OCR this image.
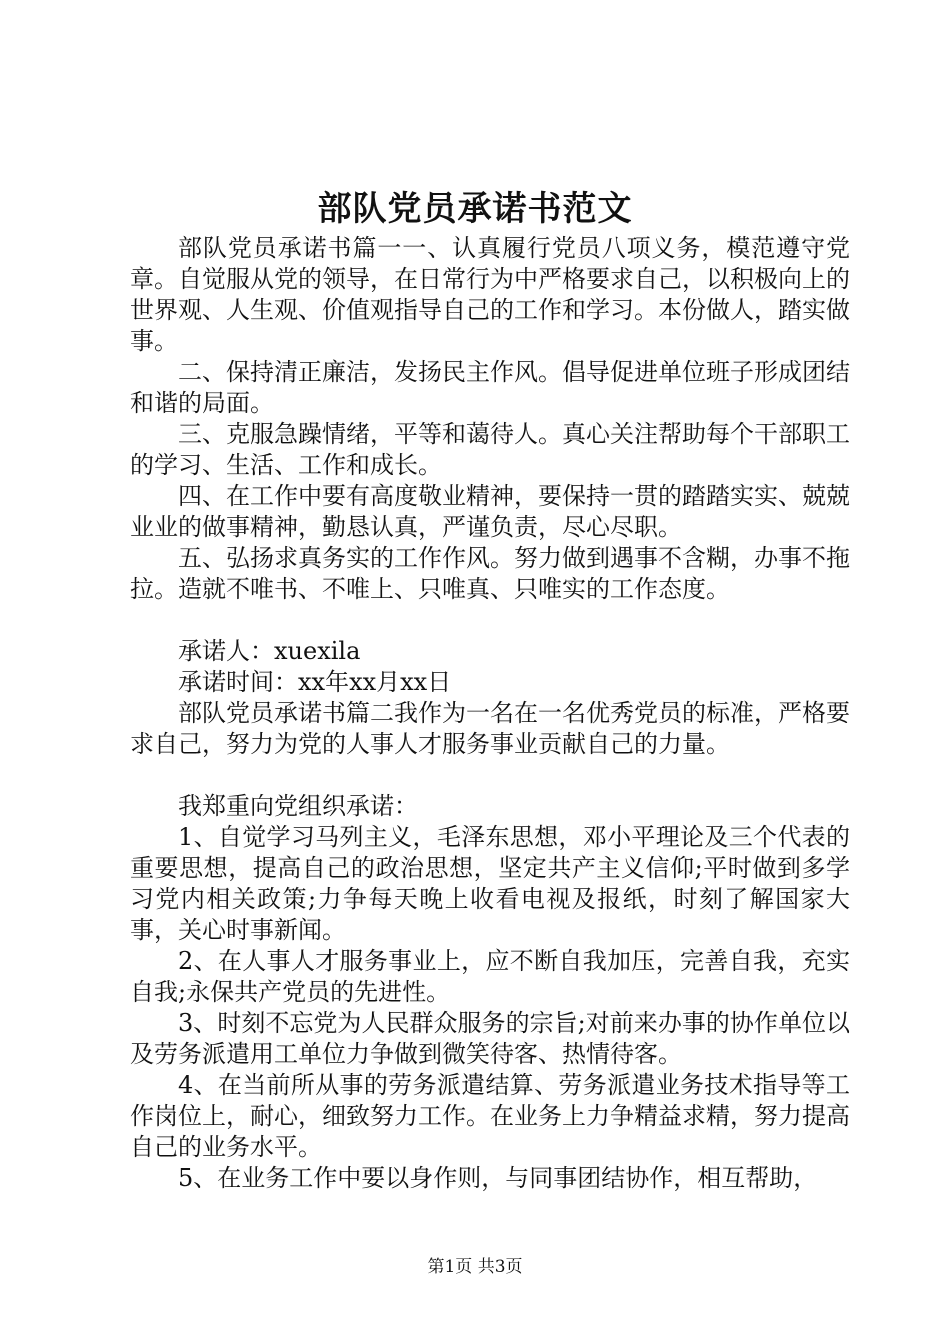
部队党员承诺书范文

部队党员承诺书篇一一、认真履行党员八项义务，模范遵守党章。自觉服从党的领导，在日常行为中严格要求自己，以积极向上的世界观、人生观、价值观指导自己的工作和学习。本份做人，踏实做事。

二、保持清正廉洁，发扬民主作风。倡导促进单位班子形成团结和谐的局面。

三、克服急躁情绪，平等和蔼待人。真心关注帮助每个干部职工的学习、生活、工作和成长。

四、在工作中要有高度敬业精神，要保持一贯的踏踏实实、兢兢业业的做事精神，勤恳认真，严谨负责，尽心尽职。

五、弘扬求真务实的工作作风。努力做到遇事不含糊，办事不拖拉。造就不唯书、不唯上、只唯真、只唯实的工作态度。

承诺人：xuexila

承诺时间：xx年xx月xx日

部队党员承诺书篇二我作为一名在一名优秀党员的标准，严格要求自己，努力为党的人事人才服务事业贡献自己的力量。

我郑重向党组织承诺：

1、自觉学习马列主义，毛泽东思想，邓小平理论及三个代表的重要思想，提高自己的政治思想，坚定共产主义信仰;平时做到多学习党内相关政策;力争每天晚上收看电视及报纸，时刻了解国家大事，关心时事新闻。

2、在人事人才服务事业上，应不断自我加压，完善自我，充实自我;永保共产党员的先进性。

3、时刻不忘党为人民群众服务的宗旨;对前来办事的协作单位以及劳务派遣用工单位力争做到微笑待客、热情待客。

4、在当前所从事的劳务派遣结算、劳务派遣业务技术指导等工作岗位上，耐心，细致努力工作。在业务上力争精益求精，努力提高自己的业务水平。

5、在业务工作中要以身作则，与同事团结协作，相互帮助，

第1页 共3页
